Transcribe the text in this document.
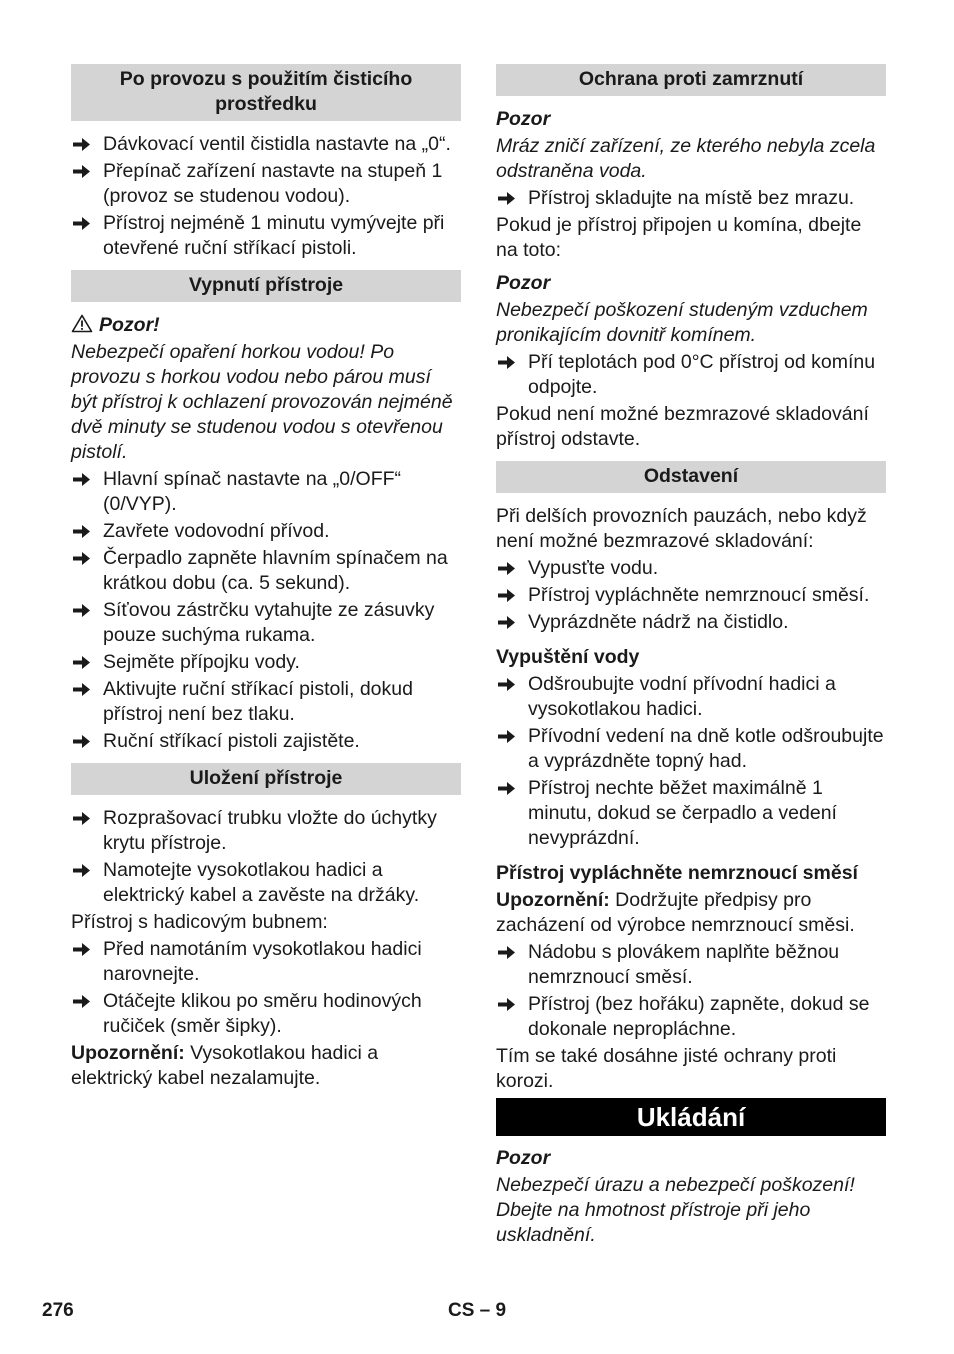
Po provozu s použitím čisticího prostředku
Dávkovací ventil čistidla nastavte na „0“.
Přepínač zařízení nastavte na stupeň 1 (provoz se studenou vodou).
Přístroj nejméně 1 minutu vymývejte při otevřené ruční stříkací pistoli.
Vypnutí přístroje
Pozor!

Nebezpečí opaření horkou vodou! Po provozu s horkou vodou nebo párou musí být přístroj k ochlazení provozován nejméně dvě minuty se studenou vodou s otevřenou pistolí.

Hlavní spínač nastavte na „0/OFF“ (0/VYP).
Zavřete vodovodní přívod.
Čerpadlo zapněte hlavním spínačem na krátkou dobu (ca. 5 sekund).
Síťovou zástrčku vytahujte ze zásuvky pouze suchýma rukama.
Sejměte přípojku vody.
Aktivujte ruční stříkací pistoli, dokud přístroj není bez tlaku.
Ruční stříkací pistoli zajistěte.
Uložení přístroje
Rozprašovací trubku vložte do úchytky krytu přístroje.
Namotejte vysokotlakou hadici a elektrický kabel a zavěste na držáky.

Přístroj s hadicovým bubnem:

Před namotáním vysokotlakou hadici narovnejte.
Otáčejte klikou po směru hodinových ručiček (směr šipky).

Upozornění: Vysokotlakou hadici a elektrický kabel nezalamujte.

Ochrana proti zamrznutí
Pozor

Mráz zničí zařízení, ze kterého nebyla zcela odstraněna voda.

Přístroj skladujte na místě bez mrazu.

Pokud je přístroj připojen u komína, dbejte na toto:

Pozor

Nebezpečí poškození studeným vzduchem pronikajícím dovnitř komínem.

Pří teplotách pod 0°C přístroj od komínu odpojte.

Pokud není možné bezmrazové skladování přístroj odstavte.

Odstavení

Při delších provozních pauzách, nebo když není možné bezmrazové skladování:

Vypusťte vodu.
Přístroj vypláchněte nemrznoucí směsí.
Vyprázdněte nádrž na čistidlo.
Vypuštění vody
Odšroubujte vodní přívodní hadici a vysokotlakou hadici.
Přívodní vedení na dně kotle odšroubujte a vyprázdněte topný had.
Přístroj nechte běžet maximálně 1 minutu, dokud se čerpadlo a vedení nevyprázdní.
Přístroj vypláchněte nemrznoucí směsí

Upozornění: Dodržujte předpisy pro zacházení od výrobce nemrznoucí směsi.

Nádobu s plovákem naplňte běžnou nemrznoucí směsí.
Přístroj (bez hořáku) zapněte, dokud se dokonale nepropláchne.

Tím se také dosáhne jisté ochrany proti korozi.

Ukládání
Pozor

Nebezpečí úrazu a nebezpečí poškození! Dbejte na hmotnost přístroje při jeho uskladnění.

276	CS – 9
